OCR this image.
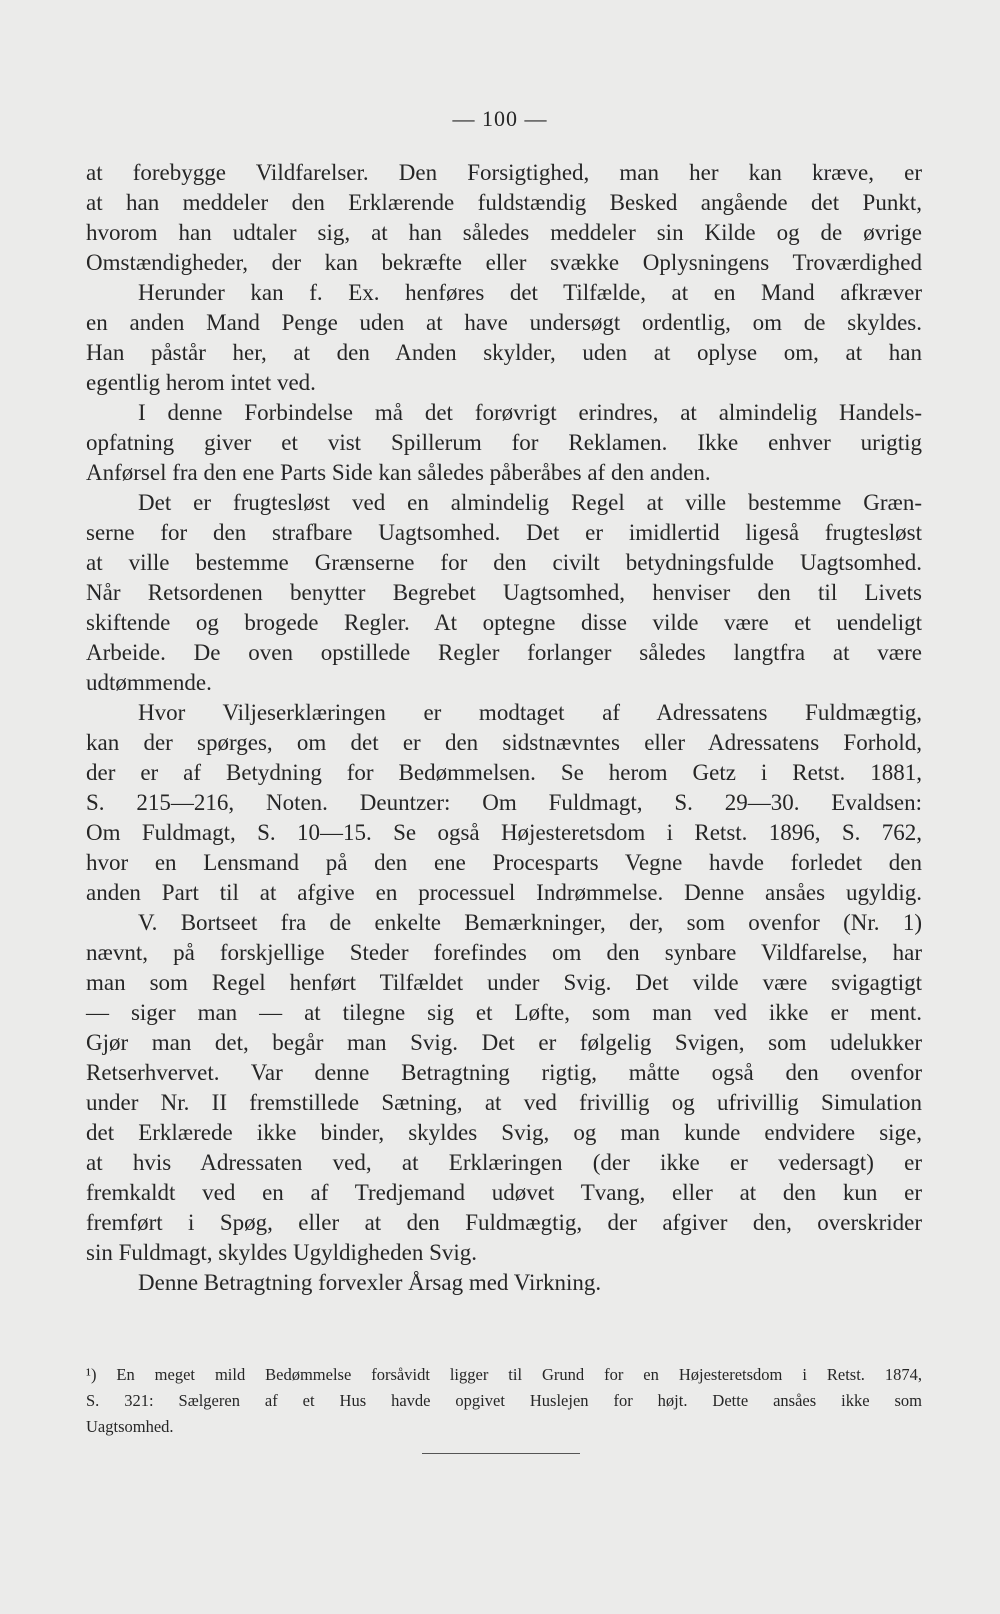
— 100 —
at forebygge Vildfarelser. Den Forsigtighed, man her kan kræve, er
at han meddeler den Erklærende fuldstændig Besked angående det Punkt,
hvorom han udtaler sig, at han således meddeler sin Kilde og de øvrige
Omstændigheder, der kan bekræfte eller svække Oplysningens Troværdighed
Herunder kan f. Ex. henføres det Tilfælde, at en Mand afkræver
en anden Mand Penge uden at have undersøgt ordentlig, om de skyldes.
Han påstår her, at den Anden skylder, uden at oplyse om, at han
egentlig herom intet ved.
I denne Forbindelse må det forøvrigt erindres, at almindelig Handels-
opfatning giver et vist Spillerum for Reklamen. Ikke enhver urigtig
Anførsel fra den ene Parts Side kan således påberåbes af den anden.
Det er frugtesløst ved en almindelig Regel at ville bestemme Græn-
serne for den strafbare Uagtsomhed. Det er imidlertid ligeså frugtesløst
at ville bestemme Grænserne for den civilt betydningsfulde Uagtsomhed.
Når Retsordenen benytter Begrebet Uagtsomhed, henviser den til Livets
skiftende og brogede Regler. At optegne disse vilde være et uendeligt
Arbeide. De oven opstillede Regler forlanger således langtfra at være
udtømmende.
Hvor Viljeserklæringen er modtaget af Adressatens Fuldmægtig,
kan der spørges, om det er den sidstnævntes eller Adressatens Forhold,
der er af Betydning for Bedømmelsen. Se herom Getz i Retst. 1881,
S. 215—216, Noten. Deuntzer: Om Fuldmagt, S. 29—30. Evaldsen:
Om Fuldmagt, S. 10—15. Se også Højesteretsdom i Retst. 1896, S. 762,
hvor en Lensmand på den ene Procesparts Vegne havde forledet den
anden Part til at afgive en processuel Indrømmelse. Denne ansåes ugyldig.
V. Bortseet fra de enkelte Bemærkninger, der, som ovenfor (Nr. 1)
nævnt, på forskjellige Steder forefindes om den synbare Vildfarelse, har
man som Regel henført Tilfældet under Svig. Det vilde være svigagtigt
— siger man — at tilegne sig et Løfte, som man ved ikke er ment.
Gjør man det, begår man Svig. Det er følgelig Svigen, som udelukker
Retserhvervet. Var denne Betragtning rigtig, måtte også den ovenfor
under Nr. II fremstillede Sætning, at ved frivillig og ufrivillig Simulation
det Erklærede ikke binder, skyldes Svig, og man kunde endvidere sige,
at hvis Adressaten ved, at Erklæringen (der ikke er vedersagt) er
fremkaldt ved en af Tredjemand udøvet Tvang, eller at den kun er
fremført i Spøg, eller at den Fuldmægtig, der afgiver den, overskrider
sin Fuldmagt, skyldes Ugyldigheden Svig.
Denne Betragtning forvexler Årsag med Virkning.
¹) En meget mild Bedømmelse forsåvidt ligger til Grund for en Højesteretsdom i Retst. 1874,
S. 321: Sælgeren af et Hus havde opgivet Huslejen for højt. Dette ansåes ikke som
Uagtsomhed.
